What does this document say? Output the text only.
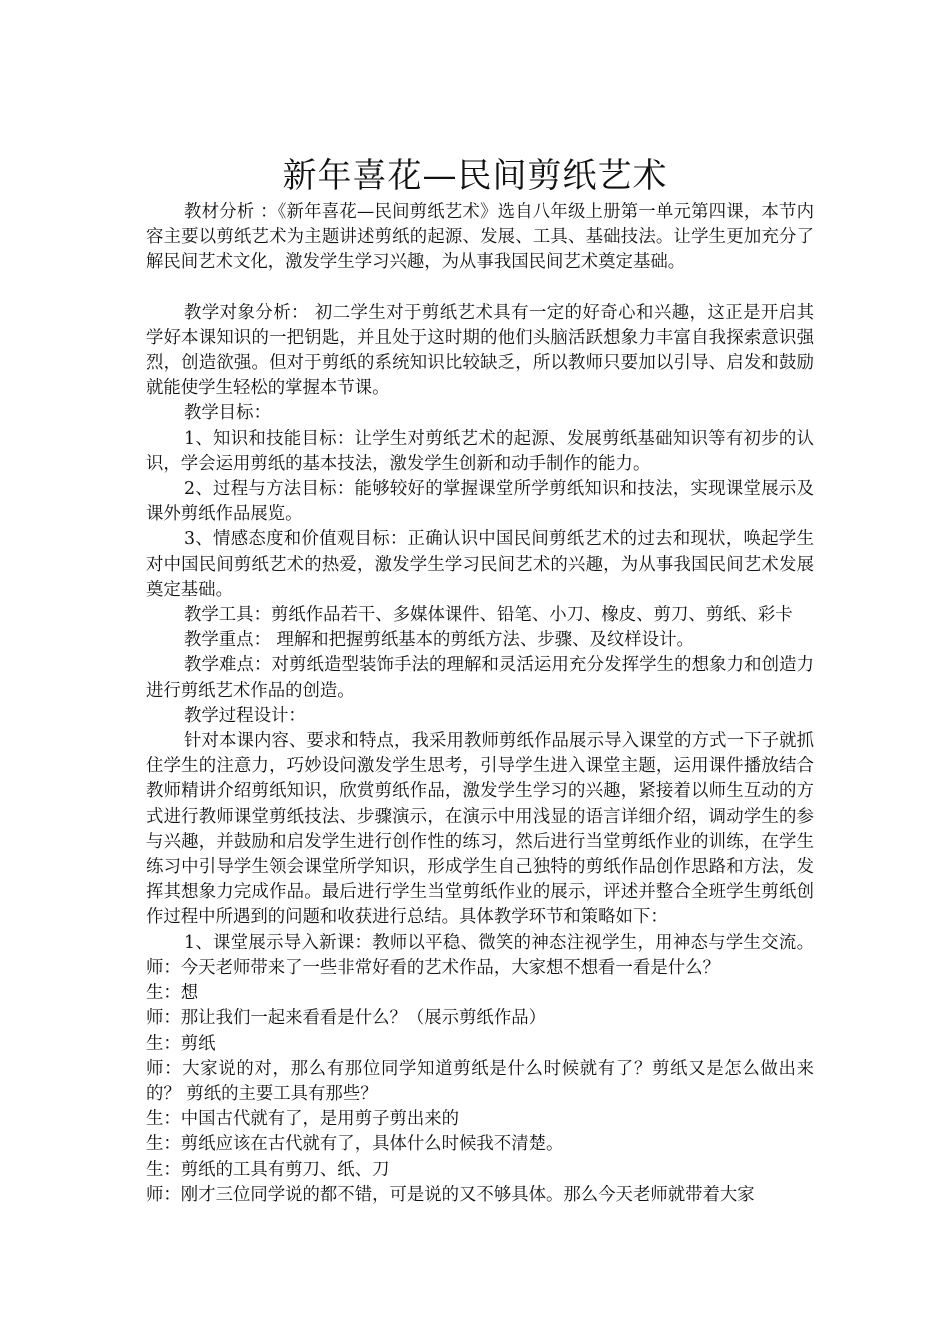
新年喜花—民间剪纸艺术

教材分析 ：《新年喜花—民间剪纸艺术》选自八年级上册第一单元第四课，本节内容主要以剪纸艺术为主题讲述剪纸的起源、发展、工具、基础技法。让学生更加充分了解民间艺术文化，激发学生学习兴趣，为从事我国民间艺术奠定基础。

教学对象分析： 初二学生对于剪纸艺术具有一定的好奇心和兴趣，这正是开启其学好本课知识的一把钥匙，并且处于这时期的他们头脑活跃想象力丰富自我探索意识强烈，创造欲强。但对于剪纸的系统知识比较缺乏，所以教师只要加以引导、启发和鼓励就能使学生轻松的掌握本节课。

教学目标：

1、知识和技能目标：让学生对剪纸艺术的起源、发展剪纸基础知识等有初步的认识，学会运用剪纸的基本技法，激发学生创新和动手制作的能力。

2、过程与方法目标：能够较好的掌握课堂所学剪纸知识和技法，实现课堂展示及课外剪纸作品展览。

3、情感态度和价值观目标：正确认识中国民间剪纸艺术的过去和现状，唤起学生对中国民间剪纸艺术的热爱，激发学生学习民间艺术的兴趣，为从事我国民间艺术发展奠定基础。

教学工具：剪纸作品若干、多媒体课件、铅笔、小刀、橡皮、剪刀、剪纸、彩卡

教学重点： 理解和把握剪纸基本的剪纸方法、步骤、及纹样设计。

教学难点：对剪纸造型装饰手法的理解和灵活运用充分发挥学生的想象力和创造力进行剪纸艺术作品的创造。

教学过程设计：

针对本课内容、要求和特点，我采用教师剪纸作品展示导入课堂的方式一下子就抓住学生的注意力，巧妙设问激发学生思考，引导学生进入课堂主题，运用课件播放结合教师精讲介绍剪纸知识，欣赏剪纸作品，激发学生学习的兴趣，紧接着以师生互动的方式进行教师课堂剪纸技法、步骤演示，在演示中用浅显的语言详细介绍，调动学生的参与兴趣，并鼓励和启发学生进行创作性的练习，然后进行当堂剪纸作业的训练，在学生练习中引导学生领会课堂所学知识，形成学生自己独特的剪纸作品创作思路和方法，发挥其想象力完成作品。最后进行学生当堂剪纸作业的展示，评述并整合全班学生剪纸创作过程中所遇到的问题和收获进行总结。具体教学环节和策略如下：

1、课堂展示导入新课：教师以平稳、微笑的神态注视学生，用神态与学生交流。师：今天老师带来了一些非常好看的艺术作品，大家想不想看一看是什么？

生：想

师：那让我们一起来看看是什么？（展示剪纸作品）

生：剪纸

师：大家说的对，那么有那位同学知道剪纸是什么时候就有了？剪纸又是怎么做出来的？ 剪纸的主要工具有那些？

生：中国古代就有了，是用剪子剪出来的

生：剪纸应该在古代就有了，具体什么时候我不清楚。

生：剪纸的工具有剪刀、纸、刀

师：刚才三位同学说的都不错，可是说的又不够具体。那么今天老师就带着大家
